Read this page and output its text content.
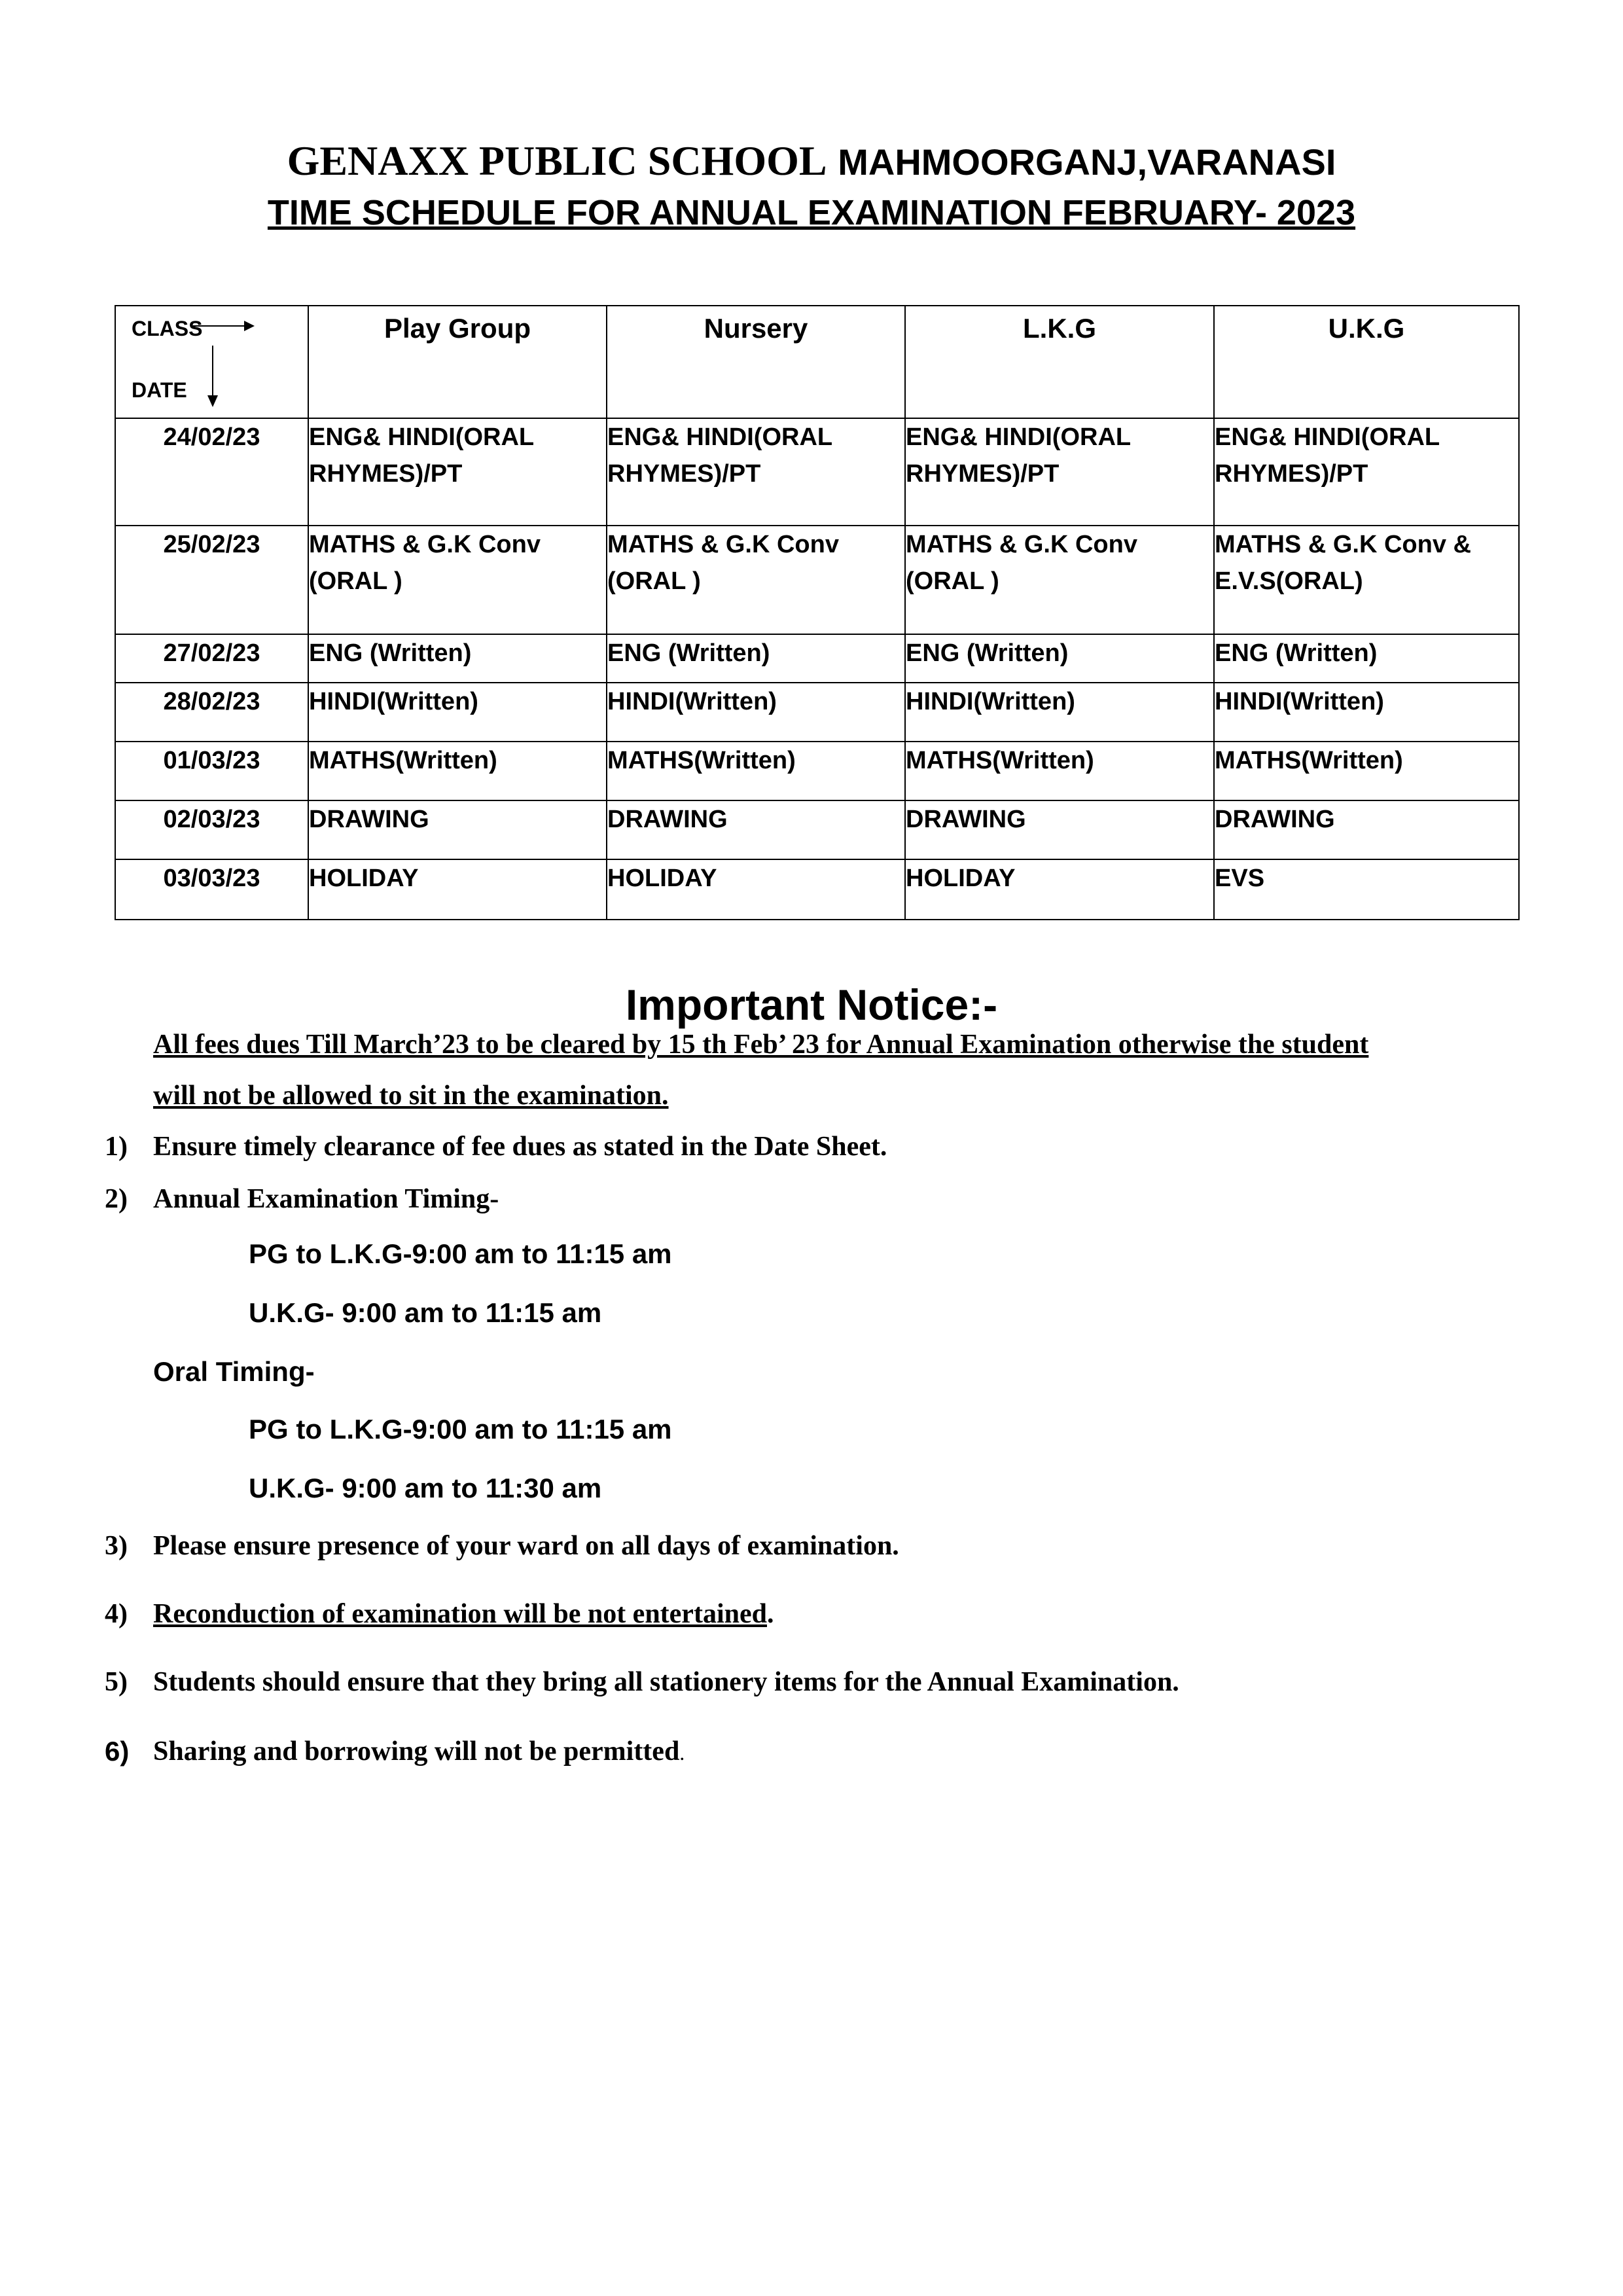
GENAXX PUBLIC SCHOOL MAHMOORGANJ,VARANASI
TIME SCHEDULE FOR ANNUAL EXAMINATION FEBRUARY- 2023
CLASS
DATE	Play Group	Nursery	L.K.G	U.K.G
24/02/23	ENG& HINDI(ORAL RHYMES)/PT	ENG& HINDI(ORAL RHYMES)/PT	ENG& HINDI(ORAL RHYMES)/PT	ENG& HINDI(ORAL RHYMES)/PT
25/02/23	MATHS & G.K Conv (ORAL )	MATHS & G.K Conv (ORAL )	MATHS & G.K Conv (ORAL )	MATHS & G.K Conv & E.V.S(ORAL)
27/02/23	ENG (Written)	ENG (Written)	ENG (Written)	ENG (Written)
28/02/23	HINDI(Written)	HINDI(Written)	HINDI(Written)	HINDI(Written)
01/03/23	MATHS(Written)	MATHS(Written)	MATHS(Written)	MATHS(Written)
02/03/23	DRAWING	DRAWING	DRAWING	DRAWING
03/03/23	HOLIDAY	HOLIDAY	HOLIDAY	EVS
Important Notice:-
All fees dues Till March’23 to be cleared by 15 th Feb’ 23 for Annual Examination otherwise the student
will not be allowed to sit in the examination.
1) Ensure timely clearance of fee dues as stated in the Date Sheet.
2) Annual Examination Timing-
PG to L.K.G-9:00 am to 11:15 am
U.K.G- 9:00 am to 11:15 am
Oral Timing-
PG to L.K.G-9:00 am to 11:15 am
U.K.G- 9:00 am to 11:30 am
3) Please ensure presence of your ward on all days of examination.
4) Reconduction of examination will be not entertained.
5) Students should ensure that they bring all stationery items for the Annual Examination.
6) Sharing and borrowing will not be permitted.
